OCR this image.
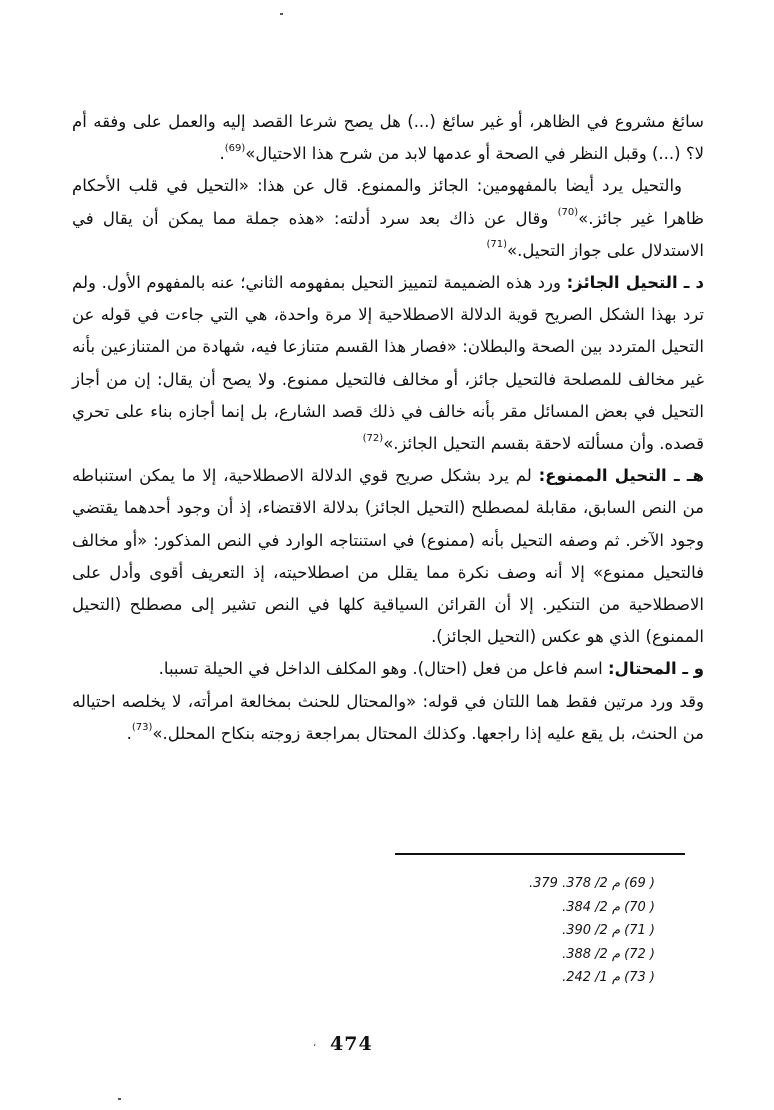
سائغ مشروع في الظاهر، أو غير سائغ (...) هل يصح شرعا القصد إليه والعمل على وفقه أم لا؟ (...) وقبل النظر في الصحة أو عدمها لابد من شرح هذا الاحتيال»$^{(69)}$.

والتحيل يرد أيضا بالمفهومين: الجائز والممنوع. قال عن هذا: «التحيل في قلب الأحكام ظاهرا غير جائز.»$^{(70)}$ وقال عن ذاك بعد سرد أدلته: «هذه جملة مما يمكن أن يقال في الاستدلال على جواز التحيل.»$^{(71)}$

د ـ التحيل الجائز: ورد هذه الضميمة لتمييز التحيل بمفهومه الثاني؛ عنه بالمفهوم الأول. ولم ترد بهذا الشكل الصريح قوية الدلالة الاصطلاحية إلا مرة واحدة، هي التي جاءت في قوله عن التحيل المتردد بين الصحة والبطلان: «فصار هذا القسم متنازعا فيه، شهادة من المتنازعين بأنه غير مخالف للمصلحة فالتحيل جائز، أو مخالف فالتحيل ممنوع. ولا يصح أن يقال: إن من أجاز التحيل في بعض المسائل مقر بأنه خالف في ذلك قصد الشارع، بل إنما أجازه بناء على تحري قصده. وأن مسألته لاحقة بقسم التحيل الجائز.»$^{(72)}$

هـ ـ التحيل الممنوع: لم يرد بشكل صريح قوي الدلالة الاصطلاحية، إلا ما يمكن استنباطه من النص السابق، مقابلة لمصطلح (التحيل الجائز) بدلالة الاقتضاء، إذ أن وجود أحدهما يقتضي وجود الآخر. ثم وصفه التحيل بأنه (ممنوع) في استنتاجه الوارد في النص المذكور: «أو مخالف فالتحيل ممنوع» إلا أنه وصف نكرة مما يقلل من اصطلاحيته، إذ التعريف أقوى وأدل على الاصطلاحية من التنكير. إلا أن القرائن السياقية كلها في النص تشير إلى مصطلح (التحيل الممنوع) الذي هو عكس (التحيل الجائز).

و ـ المحتال: اسم فاعل من فعل (احتال). وهو المكلف الداخل في الحيلة تسببا.

وقد ورد مرتين فقط هما اللتان في قوله: «والمحتال للحنث بمخالعة امرأته، لا يخلصه احتياله من الحنث، بل يقع عليه إذا راجعها. وكذلك المحتال بمراجعة زوجته بنكاح المحلل.»$^{(73)}$.

( 69) م 2/ 378. 379.
( 70) م 2/ 384.
( 71) م 2/ 390.
( 72) م 2/ 388.
( 73) م 1/ 242.
، 474
